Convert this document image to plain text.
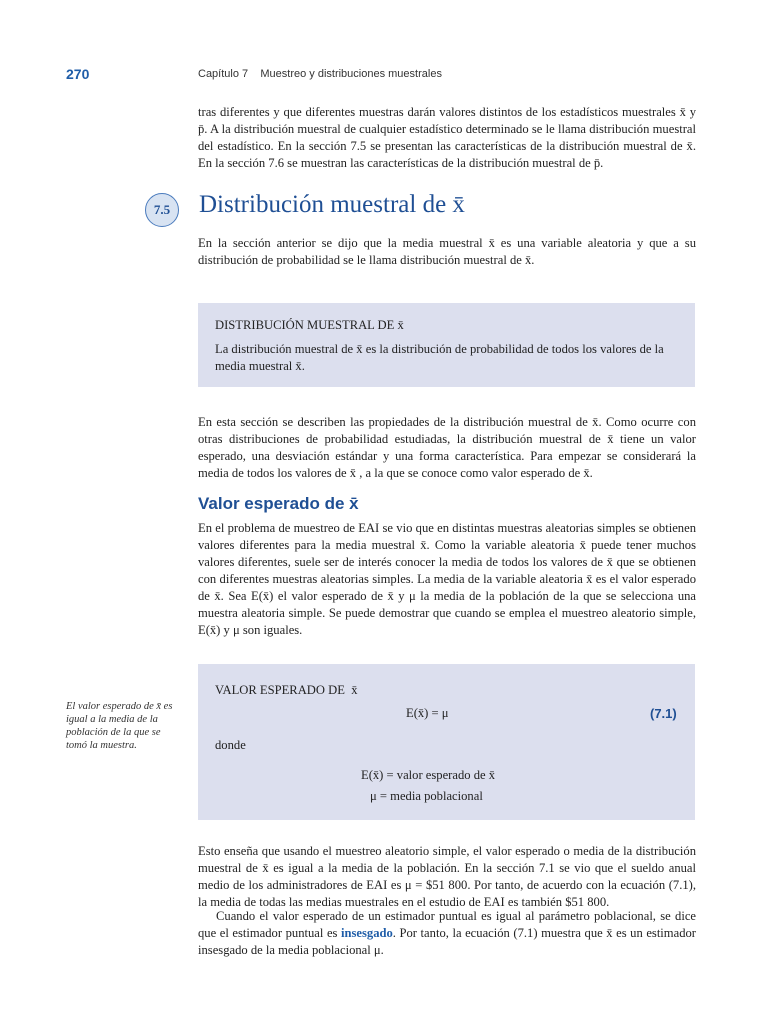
270	Capítulo 7    Muestreo y distribuciones muestrales
tras diferentes y que diferentes muestras darán valores distintos de los estadísticos muestrales x̄ y p̄. A la distribución muestral de cualquier estadístico determinado se le llama distribución muestral del estadístico. En la sección 7.5 se presentan las características de la distribución muestral de x̄. En la sección 7.6 se muestran las características de la distribución muestral de p̄.
7.5	Distribución muestral de x̄
En la sección anterior se dijo que la media muestral x̄ es una variable aleatoria y que a su distribución de probabilidad se le llama distribución muestral de x̄.
DISTRIBUCIÓN MUESTRAL DE x̄
La distribución muestral de x̄ es la distribución de probabilidad de todos los valores de la media muestral x̄.
En esta sección se describen las propiedades de la distribución muestral de x̄. Como ocurre con otras distribuciones de probabilidad estudiadas, la distribución muestral de x̄ tiene un valor esperado, una desviación estándar y una forma característica. Para empezar se considerará la media de todos los valores de x̄ , a la que se conoce como valor esperado de x̄.
Valor esperado de x̄
En el problema de muestreo de EAI se vio que en distintas muestras aleatorias simples se obtienen valores diferentes para la media muestral x̄. Como la variable aleatoria x̄ puede tener muchos valores diferentes, suele ser de interés conocer la media de todos los valores de x̄ que se obtienen con diferentes muestras aleatorias simples. La media de la variable aleatoria x̄ es el valor esperado de x̄. Sea E(x̄) el valor esperado de x̄ y μ la media de la población de la que se selecciona una muestra aleatoria simple. Se puede demostrar que cuando se emplea el muestreo aleatorio simple, E(x̄) y μ son iguales.
El valor esperado de x̄ es igual a la media de la población de la que se tomó la muestra.
VALOR ESPERADO DE  x̄
E(x̄) = μ	(7.1)
donde
E(x̄) = valor esperado de x̄
μ = media poblacional
Esto enseña que usando el muestreo aleatorio simple, el valor esperado o media de la distribución muestral de x̄ es igual a la media de la población. En la sección 7.1 se vio que el sueldo anual medio de los administradores de EAI es μ = $51 800. Por tanto, de acuerdo con la ecuación (7.1), la media de todas las medias muestrales en el estudio de EAI es también $51 800.
Cuando el valor esperado de un estimador puntual es igual al parámetro poblacional, se dice que el estimador puntual es insesgado. Por tanto, la ecuación (7.1) muestra que x̄ es un estimador insesgado de la media poblacional μ.
